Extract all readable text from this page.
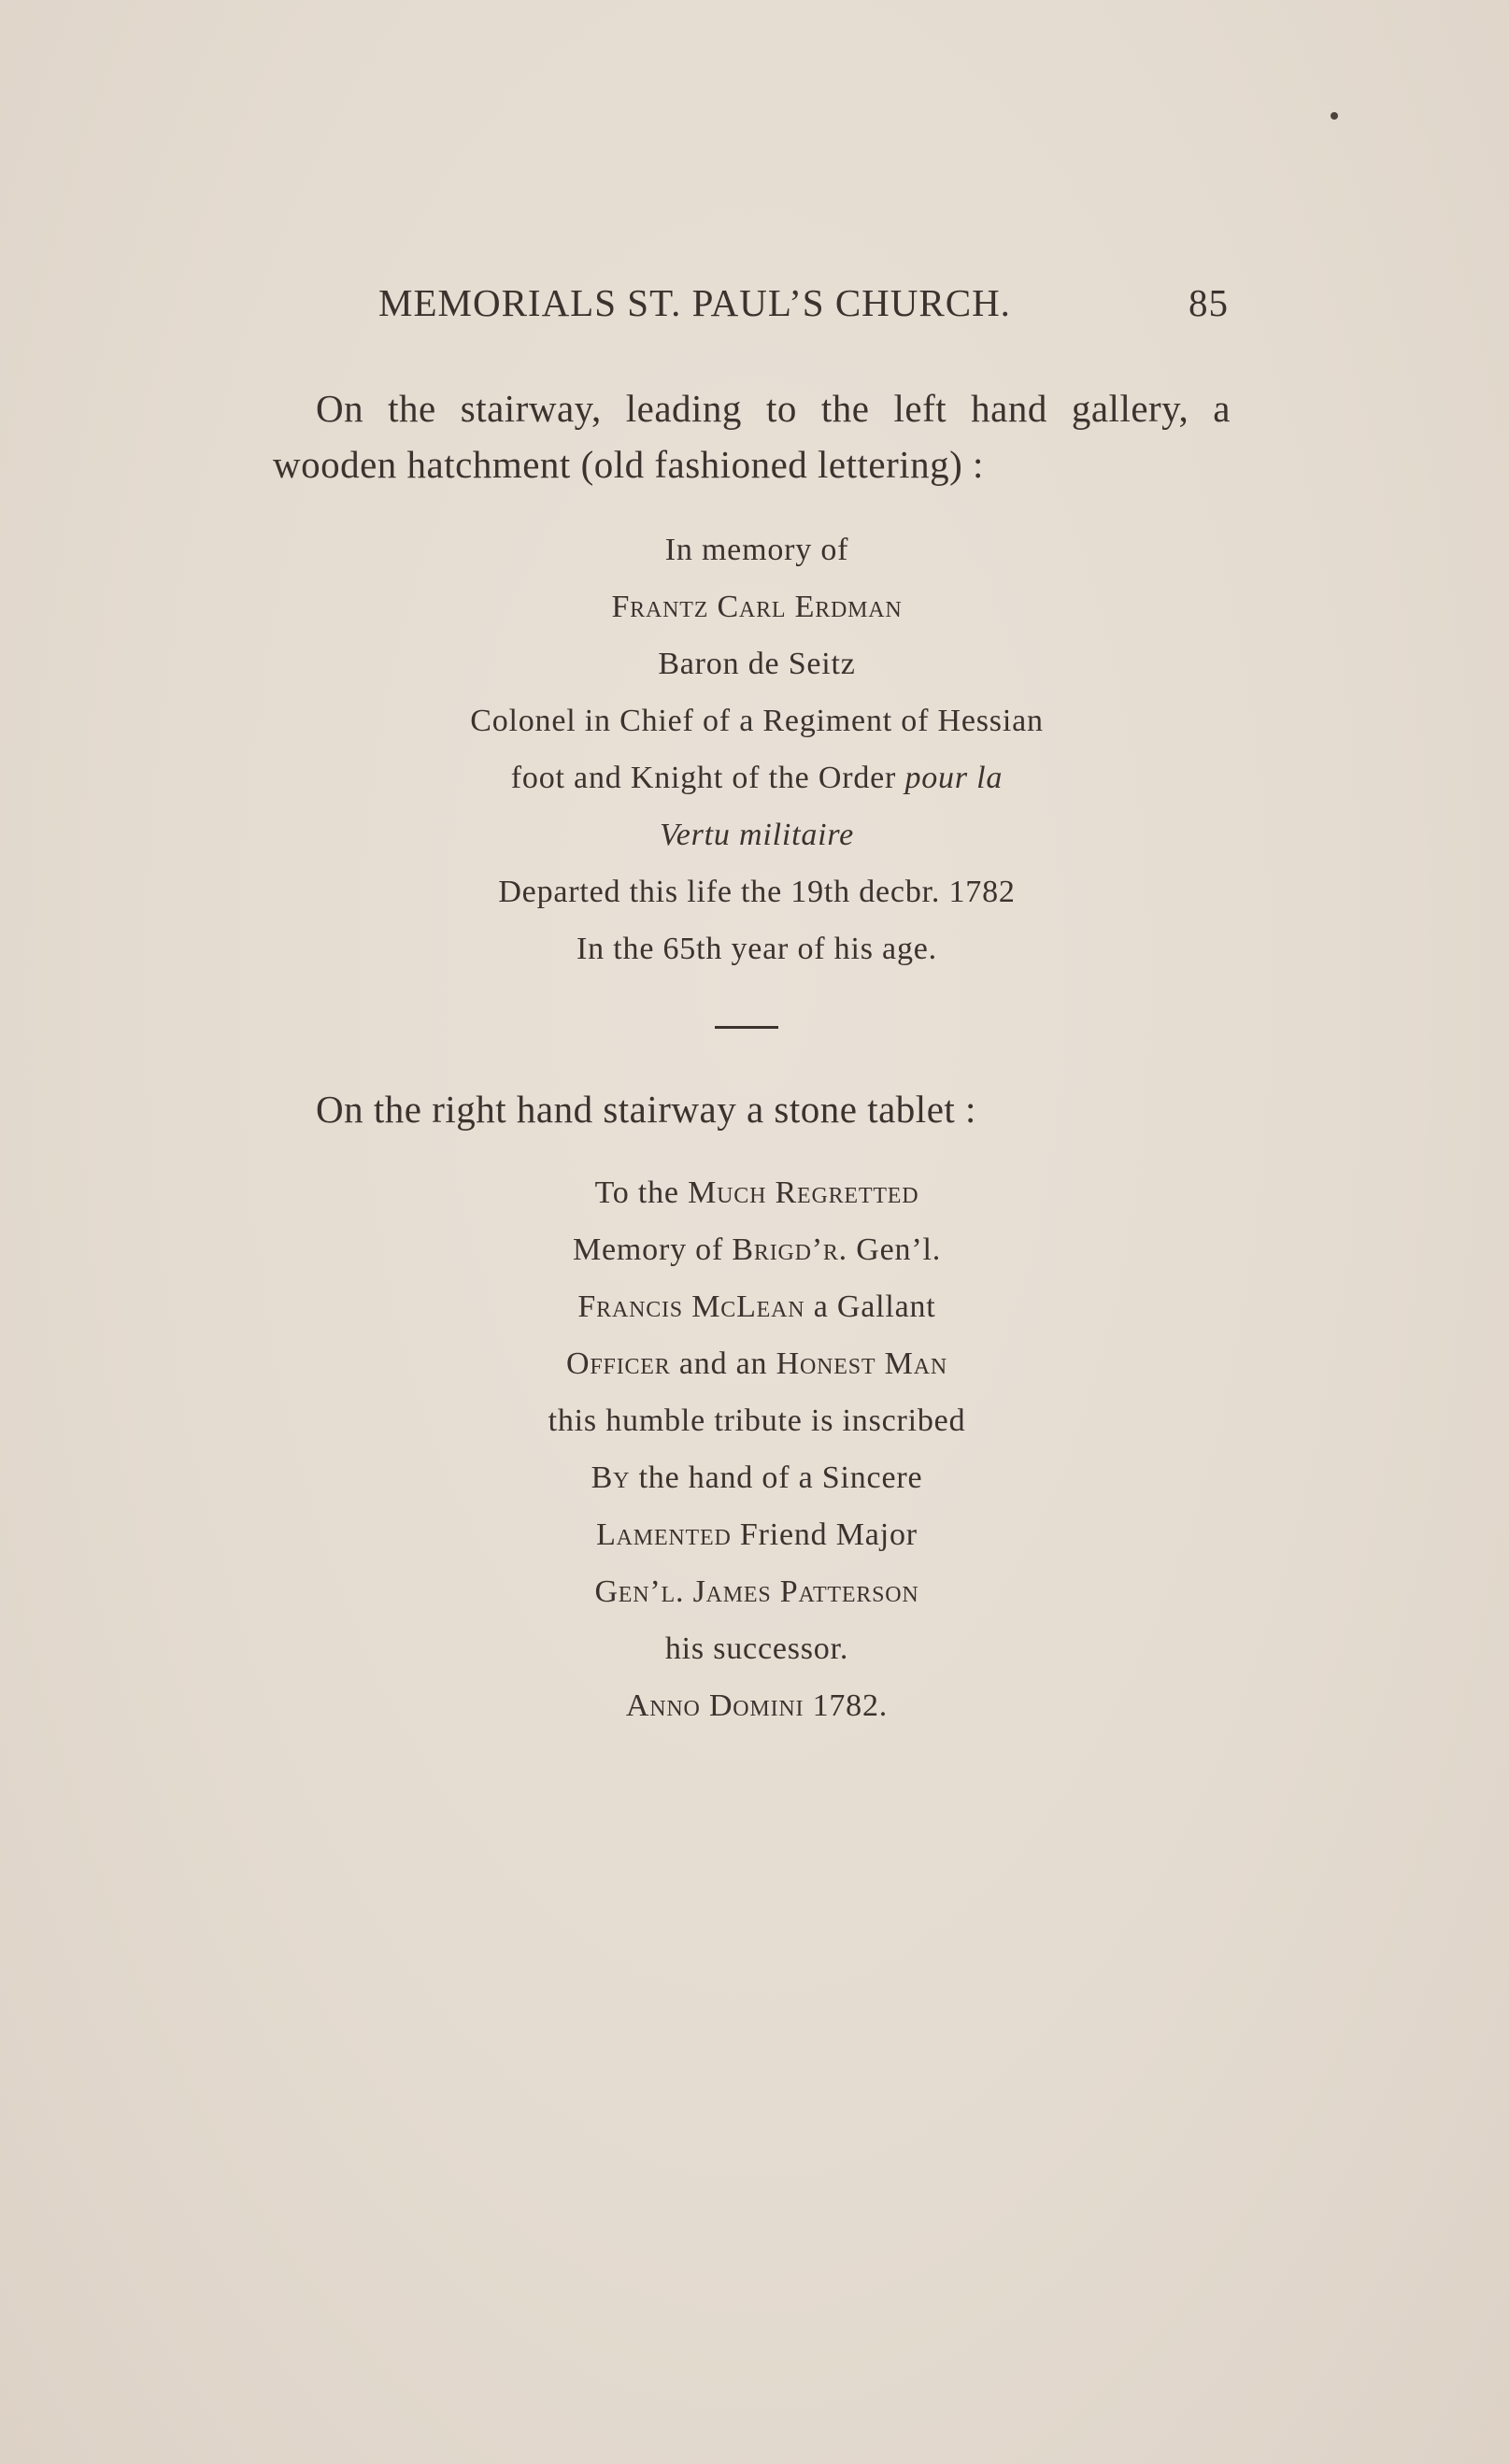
MEMORIALS ST. PAUL’S CHURCH.	85
On the stairway, leading to the left hand gallery, a
wooden hatchment (old fashioned lettering) :
In memory of
Frantz Carl Erdman
Baron de Seitz
Colonel in Chief of a Regiment of Hessian
foot and Knight of the Order pour la
Vertu militaire
Departed this life the 19th decbr. 1782
In the 65th year of his age.
On the right hand stairway a stone tablet :
To the Much Regretted
Memory of Brigd’r. Gen’l.
Francis McLean a Gallant
Officer and an Honest Man
this humble tribute is inscribed
By the hand of a Sincere
Lamented Friend Major
Gen’l. James Patterson
his successor.
Anno Domini 1782.
